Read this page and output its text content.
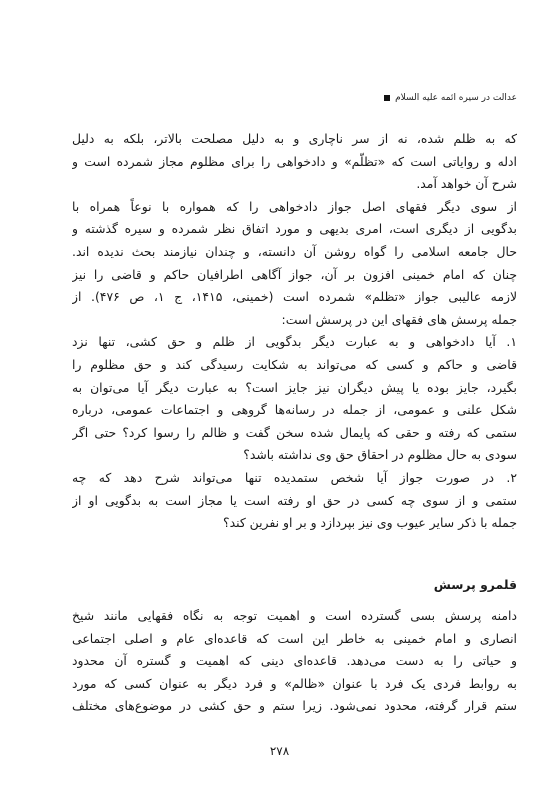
عدالت در سیره ائمه علیه السلام
که به ظلم شده، نه از سر ناچاری و به دلیل مصلحت بالاتر، بلکه به دلیل
ادله و روایاتی است که «تظلّم» و دادخواهی را برای مظلوم مجاز شمرده است و
شرح آن خواهد آمد.
از سوی دیگر فقهای اصل جواز دادخواهی را که همواره با نوعاً همراه با
بدگویی از دیگری است، امری بدیهی و مورد اتفاق نظر شمرده و سیره گذشته و
حال جامعه اسلامی را گواه روشن آن دانسته، و چندان نیازمند بحث ندیده اند.
چنان که امام خمینی افزون بر آن، جواز آگاهی اطرافیان حاکم و قاضی را نیز
لازمه عالیبی جواز «تظلم» شمرده است (خمینی، ۱۴۱۵، ج ۱، ص ۴۷۶). از
جمله پرسش های فقهای این در پرسش است:
۱. آیا دادخواهی و به عبارت دیگر بدگویی از ظلم و حق کشی، تنها نزد
قاضی و حاکم و کسی که می‌تواند به شکایت رسیدگی کند و حق مظلوم را
بگیرد، جایز بوده یا پیش دیگران نیز جایز است؟ به عبارت دیگر آیا می‌توان به
شکل علنی و عمومی، از جمله در رسانه‌ها گروهی و اجتماعات عمومی، درباره
ستمی که رفته و حقی که پایمال شده سخن گفت و ظالم را رسوا کرد؟ حتی اگر
سودی به حال مظلوم در احقاق حق وی نداشته باشد؟
۲. در صورت جواز آیا شخص ستمدیده تنها می‌تواند شرح دهد که چه
ستمی و از سوی چه کسی در حق او رفته است یا مجاز است به بدگویی او از
جمله با ذکر سایر عیوب وی نیز بپردازد و بر او نفرین کند؟
قلمرو پرسش
دامنه پرسش بسی گسترده است و اهمیت توجه به نگاه فقهایی مانند شیخ
انصاری و امام خمینی به خاطر این است که قاعده‌ای عام و اصلی اجتماعی
و حیاتی را به دست می‌دهد. قاعده‌ای دینی که اهمیت و گستره آن محدود
به روابط فردی یک فرد با عنوان «ظالم» و فرد دیگر به عنوان کسی که مورد
ستم قرار گرفته، محدود نمی‌شود. زیرا ستم و حق کشی در موضوع‌های مختلف
۲۷۸
